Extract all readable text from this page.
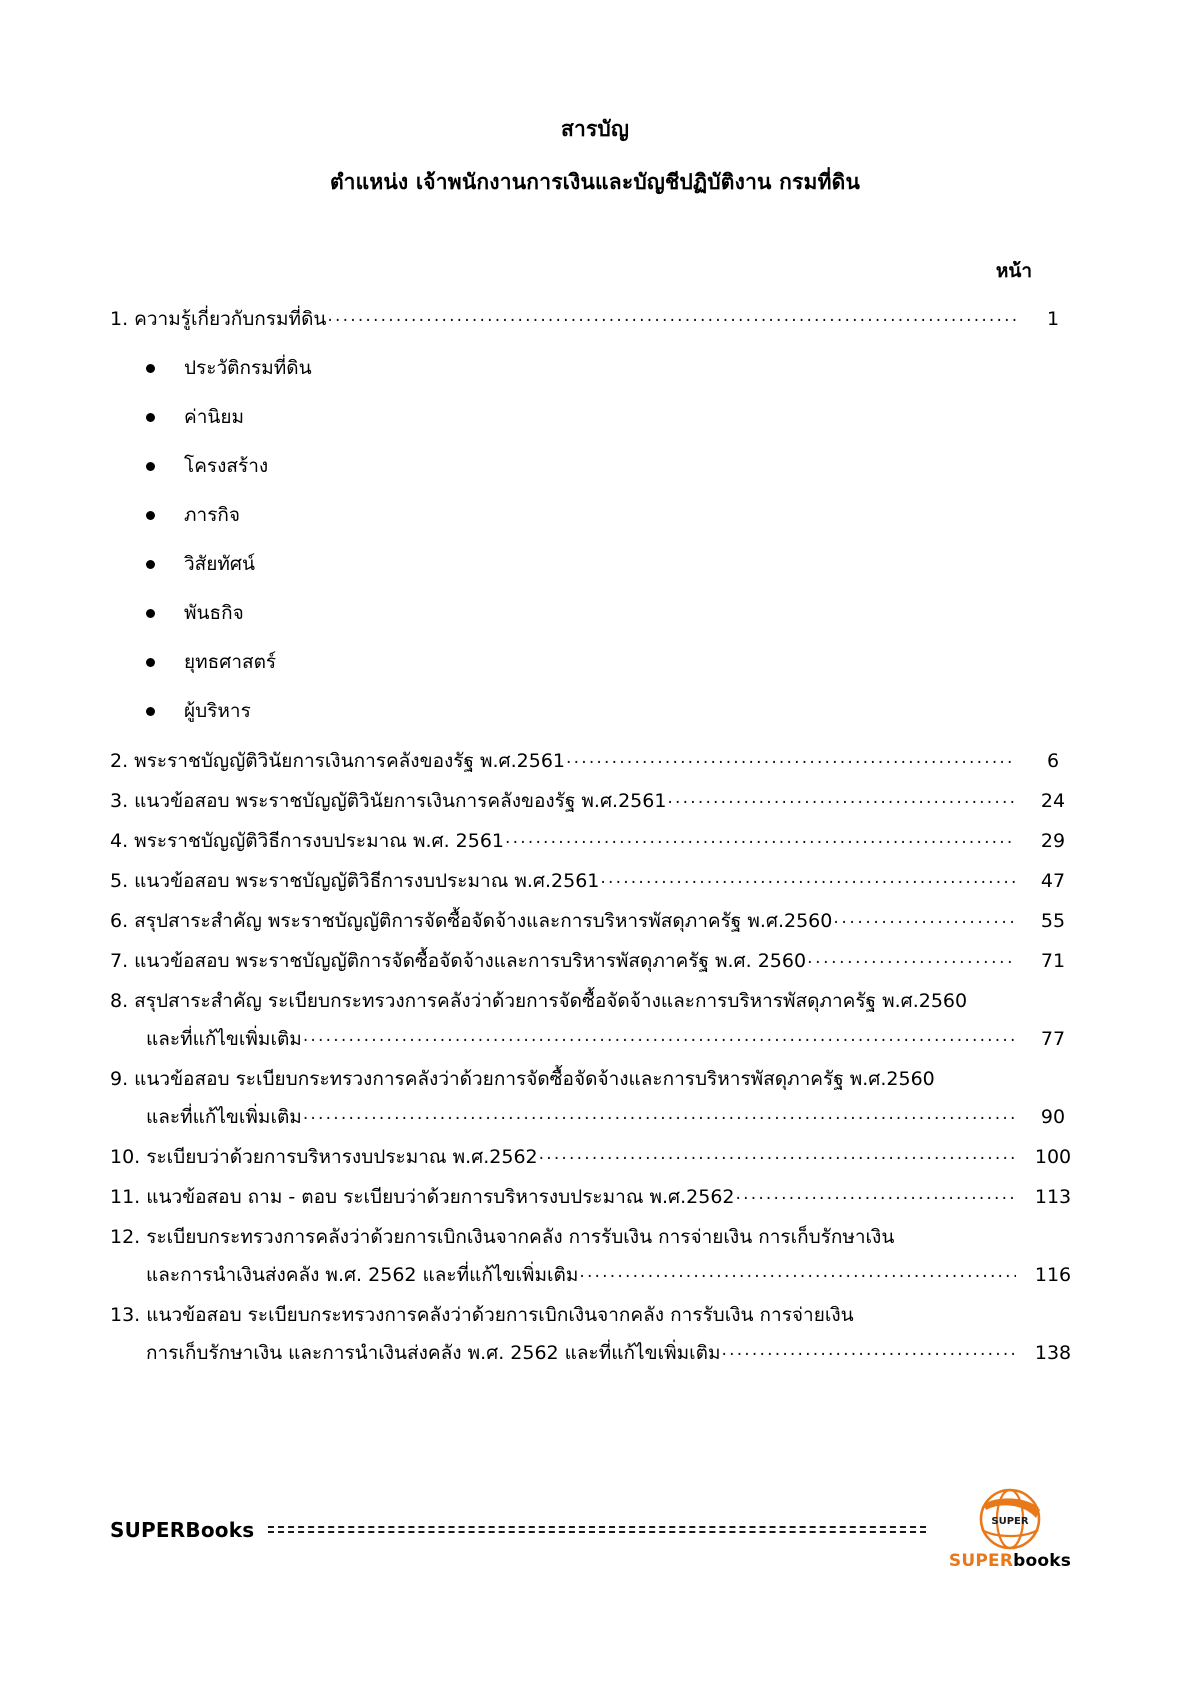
สารบัญ
ตำแหน่ง เจ้าพนักงานการเงินและบัญชีปฏิบัติงาน กรมที่ดิน
หน้า
1. ความรู้เกี่ยวกับกรมที่ดิน .....	1
ประวัติกรมที่ดิน
ค่านิยม
โครงสร้าง
ภารกิจ
วิสัยทัศน์
พันธกิจ
ยุทธศาสตร์
ผู้บริหาร
2. พระราชบัญญัติวินัยการเงินการคลังของรัฐ พ.ศ.2561 .....	6
3. แนวข้อสอบ พระราชบัญญัติวินัยการเงินการคลังของรัฐ พ.ศ.2561 .....	24
4. พระราชบัญญัติวิธีการงบประมาณ พ.ศ. 2561 .....	29
5. แนวข้อสอบ พระราชบัญญัติวิธีการงบประมาณ พ.ศ.2561 .....	47
6. สรุปสาระสำคัญ พระราชบัญญัติการจัดซื้อจัดจ้างและการบริหารพัสดุภาครัฐ พ.ศ.2560 .....	55
7. แนวข้อสอบ พระราชบัญญัติการจัดซื้อจัดจ้างและการบริหารพัสดุภาครัฐ พ.ศ. 2560 .....	71
8. สรุปสาระสำคัญ ระเบียบกระทรวงการคลังว่าด้วยการจัดซื้อจัดจ้างและการบริหารพัสดุภาครัฐ พ.ศ.2560
และที่แก้ไขเพิ่มเติม .....	77
9. แนวข้อสอบ ระเบียบกระทรวงการคลังว่าด้วยการจัดซื้อจัดจ้างและการบริหารพัสดุภาครัฐ พ.ศ.2560
และที่แก้ไขเพิ่มเติม .....	90
10. ระเบียบว่าด้วยการบริหารงบประมาณ พ.ศ.2562 .....	100
11. แนวข้อสอบ ถาม - ตอบ ระเบียบว่าด้วยการบริหารงบประมาณ พ.ศ.2562 .....	113
12. ระเบียบกระทรวงการคลังว่าด้วยการเบิกเงินจากคลัง การรับเงิน การจ่ายเงิน การเก็บรักษาเงิน
และการนำเงินส่งคลัง พ.ศ. 2562 และที่แก้ไขเพิ่มเติม .....	116
13. แนวข้อสอบ ระเบียบกระทรวงการคลังว่าด้วยการเบิกเงินจากคลัง การรับเงิน การจ่ายเงิน
การเก็บรักษาเงิน และการนำเงินส่งคลัง พ.ศ. 2562 และที่แก้ไขเพิ่มเติม .....	138
SUPERBooks	SUPER
SUPERbooks
